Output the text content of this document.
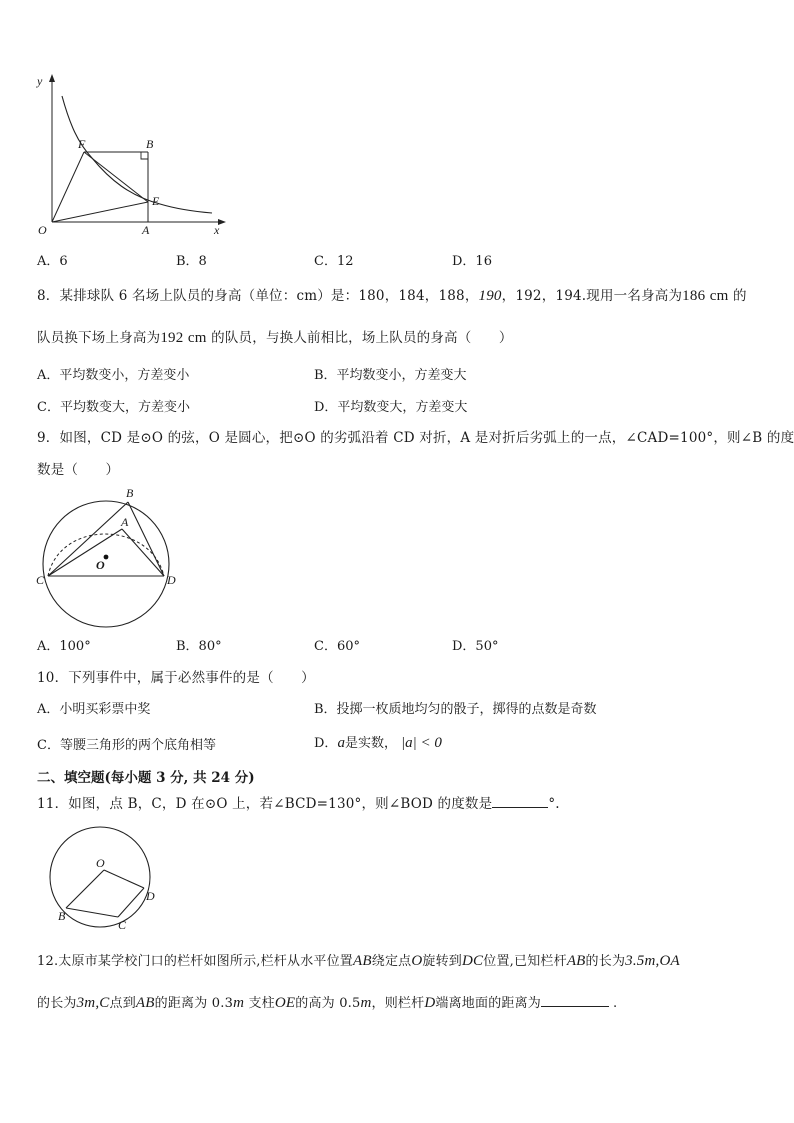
y
x
O	A
B
E
F
A．6	B．8	C．12	D．16
8．某排球队 6 名场上队员的身高（单位：cm）是：180，184，188，190，192，194.现用一名身高为186 cm 的
队员换下场上身高为192 cm 的队员，与换人前相比，场上队员的身高（　　）
A．平均数变小，方差变小	B．平均数变小，方差变大
C．平均数变大，方差变小	D．平均数变大，方差变大
9．如图，CD 是⊙O 的弦，O 是圆心，把⊙O 的劣弧沿着 CD 对折，A 是对折后劣弧上的一点，∠CAD=100°，则∠B 的度
数是（　　）
B
A
O
C	D
A．100°	B．80°	C．60°	D．50°
10．下列事件中，属于必然事件的是（　　）
A．小明买彩票中奖	B．投掷一枚质地均匀的骰子，掷得的点数是奇数
C．等腰三角形的两个底角相等	D．a是实数， |a| < 0
二、填空题(每小题 3 分, 共 24 分)
11．如图，点 B，C，D 在⊙O 上，若∠BCD=130°，则∠BOD 的度数是	°.
O
D
B
C
12.太原市某学校门口的栏杆如图所示,栏杆从水平位置AB绕定点O旋转到DC位置,已知栏杆AB的长为3.5m,OA
的长为3m,C点到AB的距离为 0.3m 支柱OE的高为 0.5m，则栏杆D端离地面的距离为	.
